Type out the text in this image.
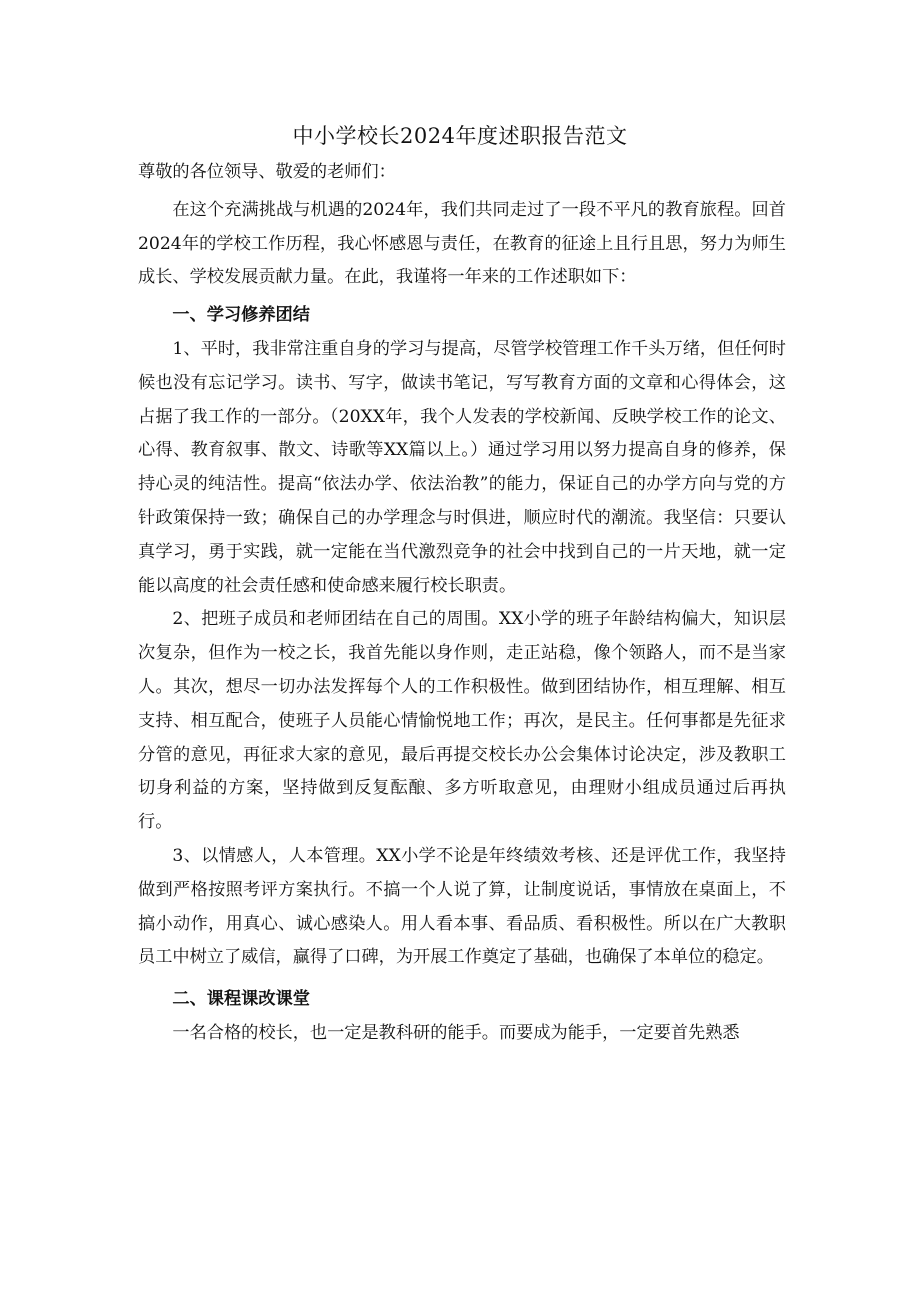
中小学校长2024年度述职报告范文

尊敬的各位领导、敬爱的老师们：

在这个充满挑战与机遇的2024年，我们共同走过了一段不平凡的教育旅程。回首2024年的学校工作历程，我心怀感恩与责任，在教育的征途上且行且思，努力为师生成长、学校发展贡献力量。在此，我谨将一年来的工作述职如下：

一、学习修养团结

1、平时，我非常注重自身的学习与提高，尽管学校管理工作千头万绪，但任何时候也没有忘记学习。读书、写字，做读书笔记，写写教育方面的文章和心得体会，这占据了我工作的一部分。（20XX年，我个人发表的学校新闻、反映学校工作的论文、心得、教育叙事、散文、诗歌等XX篇以上。）通过学习用以努力提高自身的修养，保持心灵的纯洁性。提高“依法办学、依法治教”的能力，保证自己的办学方向与党的方针政策保持一致；确保自己的办学理念与时俱进，顺应时代的潮流。我坚信：只要认真学习，勇于实践，就一定能在当代激烈竞争的社会中找到自己的一片天地，就一定能以高度的社会责任感和使命感来履行校长职责。

2、把班子成员和老师团结在自己的周围。XX小学的班子年龄结构偏大，知识层次复杂，但作为一校之长，我首先能以身作则，走正站稳，像个领路人，而不是当家人。其次，想尽一切办法发挥每个人的工作积极性。做到团结协作，相互理解、相互支持、相互配合，使班子人员能心情愉悦地工作；再次，是民主。任何事都是先征求分管的意见，再征求大家的意见，最后再提交校长办公会集体讨论决定，涉及教职工切身利益的方案，坚持做到反复酝酿、多方听取意见，由理财小组成员通过后再执行。

3、以情感人，人本管理。XX小学不论是年终绩效考核、还是评优工作，我坚持做到严格按照考评方案执行。不搞一个人说了算，让制度说话，事情放在桌面上，不搞小动作，用真心、诚心感染人。用人看本事、看品质、看积极性。所以在广大教职员工中树立了威信，赢得了口碑，为开展工作奠定了基础，也确保了本单位的稳定。

二、课程课改课堂

一名合格的校长，也一定是教科研的能手。而要成为能手，一定要首先熟悉
